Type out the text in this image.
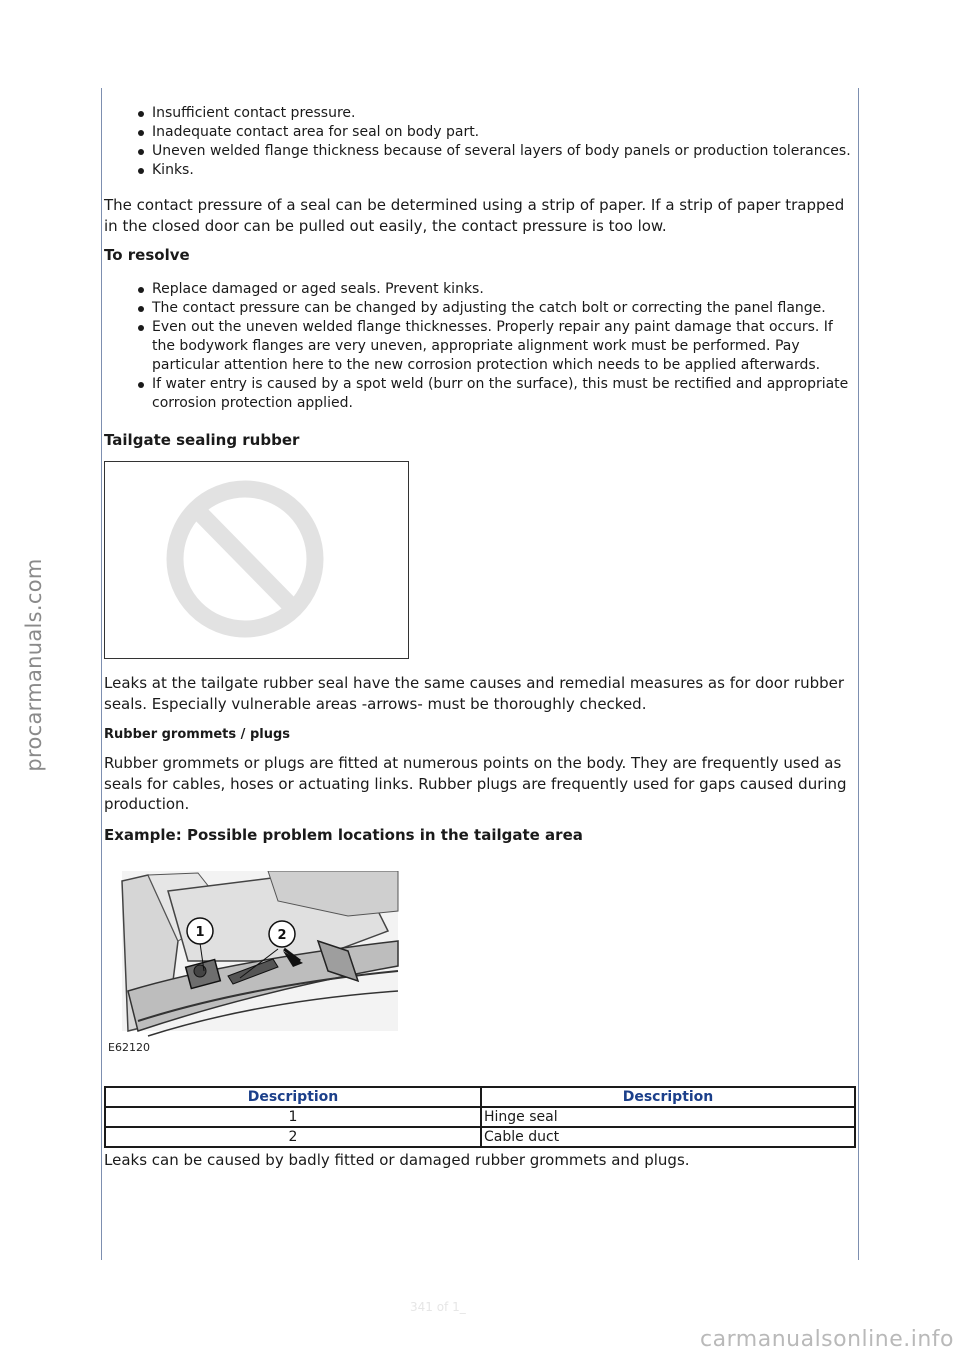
procarmanuals.com
Insufficient contact pressure.
Inadequate contact area for seal on body part.
Uneven welded flange thickness because of several layers of body panels or production tolerances.
Kinks.

The contact pressure of a seal can be determined using a strip of paper. If a strip of paper trapped in the closed door can be pulled out easily, the contact pressure is too low.

To resolve

Replace damaged or aged seals. Prevent kinks.
The contact pressure can be changed by adjusting the catch bolt or correcting the panel flange.
Even out the uneven welded flange thicknesses. Properly repair any paint damage that occurs. If the bodywork flanges are very uneven, appropriate alignment work must be performed. Pay particular attention here to the new corrosion protection which needs to be applied afterwards.
If water entry is caused by a spot weld (burr on the surface), this must be rectified and appropriate corrosion protection applied.

Tailgate sealing rubber

Leaks at the tailgate rubber seal have the same causes and remedial measures as for door rubber seals. Especially vulnerable areas -arrows- must be thoroughly checked.

Rubber grommets / plugs

Rubber grommets or plugs are fitted at numerous points on the body. They are frequently used as seals for cables, hoses or actuating links. Rubber plugs are frequently used for gaps caused during production.

Example: Possible problem locations in the tailgate area

1	2
E62120
Description	Description
1	Hinge seal
2	Cable duct

Leaks can be caused by badly fitted or damaged rubber grommets and plugs.

341 of 1_
carmanualsonline.info
